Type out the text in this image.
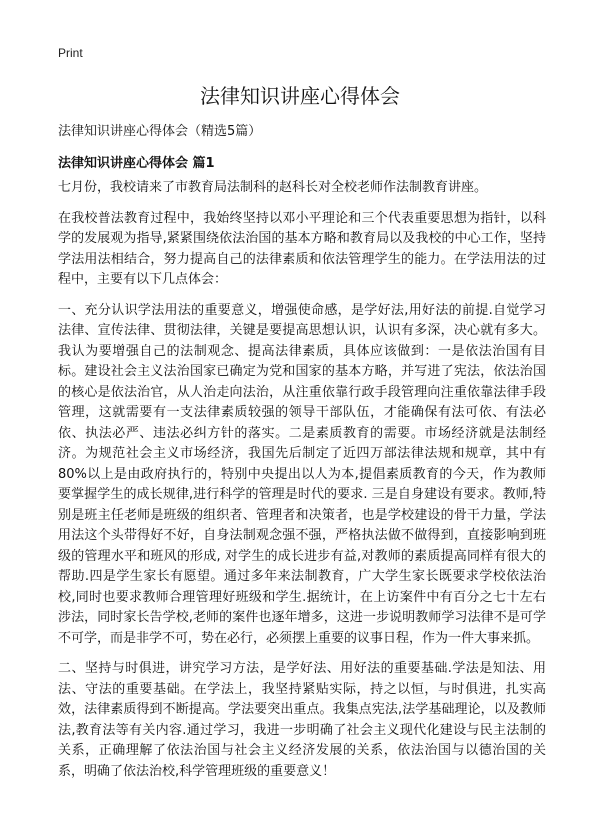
Print
法律知识讲座心得体会

法律知识讲座心得体会（精选5篇）

法律知识讲座心得体会 篇1

七月份，我校请来了市教育局法制科的赵科长对全校老师作法制教育讲座。

在我校普法教育过程中，我始终坚持以邓小平理论和三个代表重要思想为指针，以科学的发展观为指导,紧紧围绕依法治国的基本方略和教育局以及我校的中心工作，坚持学法用法相结合，努力提高自己的法律素质和依法管理学生的能力。在学法用法的过程中，主要有以下几点体会：

一、充分认识学法用法的重要意义，增强使命感，是学好法,用好法的前提.自觉学习法律、宣传法律、贯彻法律，关键是要提高思想认识，认识有多深，决心就有多大。我认为要增强自己的法制观念、提高法律素质，具体应该做到：一是依法治国有目标。建设社会主义法治国家已确定为党和国家的基本方略，并写进了宪法，依法治国的核心是依法治官，从人治走向法治，从注重依靠行政手段管理向注重依靠法律手段管理，这就需要有一支法律素质较强的领导干部队伍，才能确保有法可依、有法必依、执法必严、违法必纠方针的落实。二是素质教育的需要。市场经济就是法制经济。为规范社会主义市场经济，我国先后制定了近四万部法律法规和规章，其中有80%以上是由政府执行的，特别中央提出以人为本,提倡素质教育的今天，作为教师要掌握学生的成长规律,进行科学的管理是时代的要求. 三是自身建设有要求。教师,特别是班主任老师是班级的组织者、管理者和决策者，也是学校建设的骨干力量，学法用法这个头带得好不好，自身法制观念强不强，严格执法做不做得到，直接影响到班级的管理水平和班风的形成, 对学生的成长进步有益,对教师的素质提高同样有很大的帮助.四是学生家长有愿望。通过多年来法制教育，广大学生家长既要求学校依法治校,同时也要求教师合理管理好班级和学生.据统计，在上访案件中有百分之七十左右涉法，同时家长告学校,老师的案件也逐年增多，这进一步说明教师学习法律不是可学不可学，而是非学不可，势在必行，必须摆上重要的议事日程，作为一件大事来抓。

二、坚持与时俱进，讲究学习方法，是学好法、用好法的重要基础.学法是知法、用法、守法的重要基础。在学法上，我坚持紧贴实际，持之以恒，与时俱进，扎实高效，法律素质得到不断提高。学法要突出重点。我集点宪法,法学基础理论，以及教师法,教育法等有关内容.通过学习，我进一步明确了社会主义现代化建设与民主法制的关系，正确理解了依法治国与社会主义经济发展的关系，依法治国与以德治国的关系，明确了依法治校,科学管理班级的重要意义！
